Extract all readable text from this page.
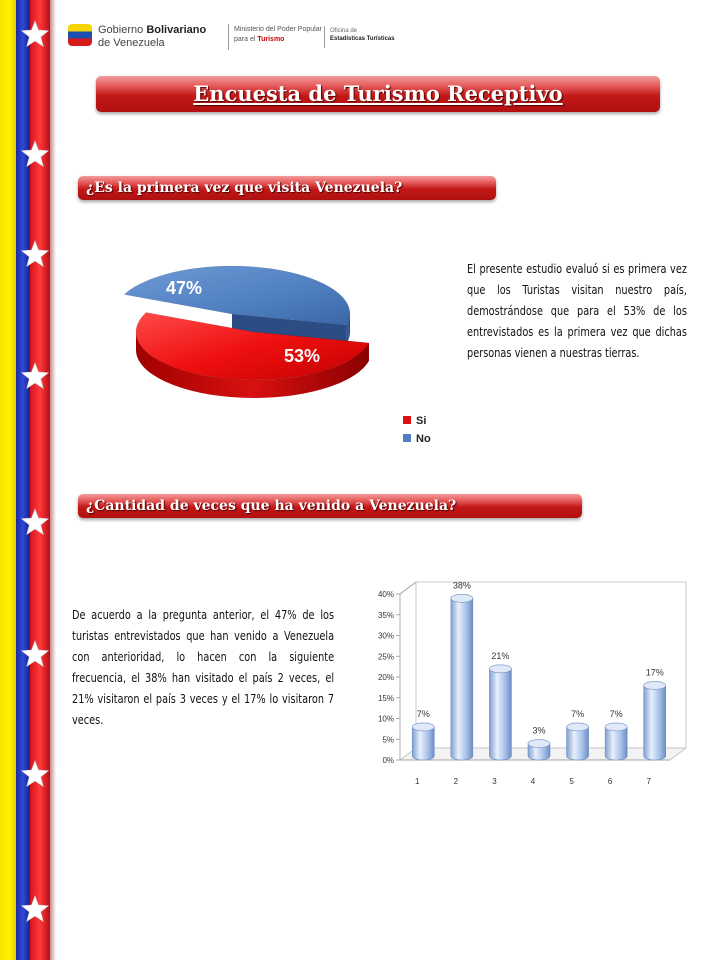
Gobierno Bolivariano
de Venezuela
Ministerio del Poder Popular
para el Turismo
Oficina de
Estadísticas Turísticas
Encuesta de Turismo Receptivo
¿Es la primera vez que visita Venezuela?
47%
53%
Si
No
El presente estudio evaluó si es primera vez que los Turistas visitan nuestro país, demostrándose que para el 53% de los entrevistados es la primera vez que dichas personas vienen a nuestras tierras.
¿Cantidad de veces que ha venido a Venezuela?
De acuerdo a la pregunta anterior, el 47% de los turistas entrevistados que han venido a Venezuela con anterioridad, lo hacen con la siguiente frecuencia, el 38% han visitado el país 2 veces, el 21% visitaron el país 3 veces y el 17% lo visitaron 7 veces.
0%
5%
10%
15%
20%
25%
30%
35%
40%
7%
1
38%
2
21%
3
3%
4
7%
5
7%
6
17%
7
